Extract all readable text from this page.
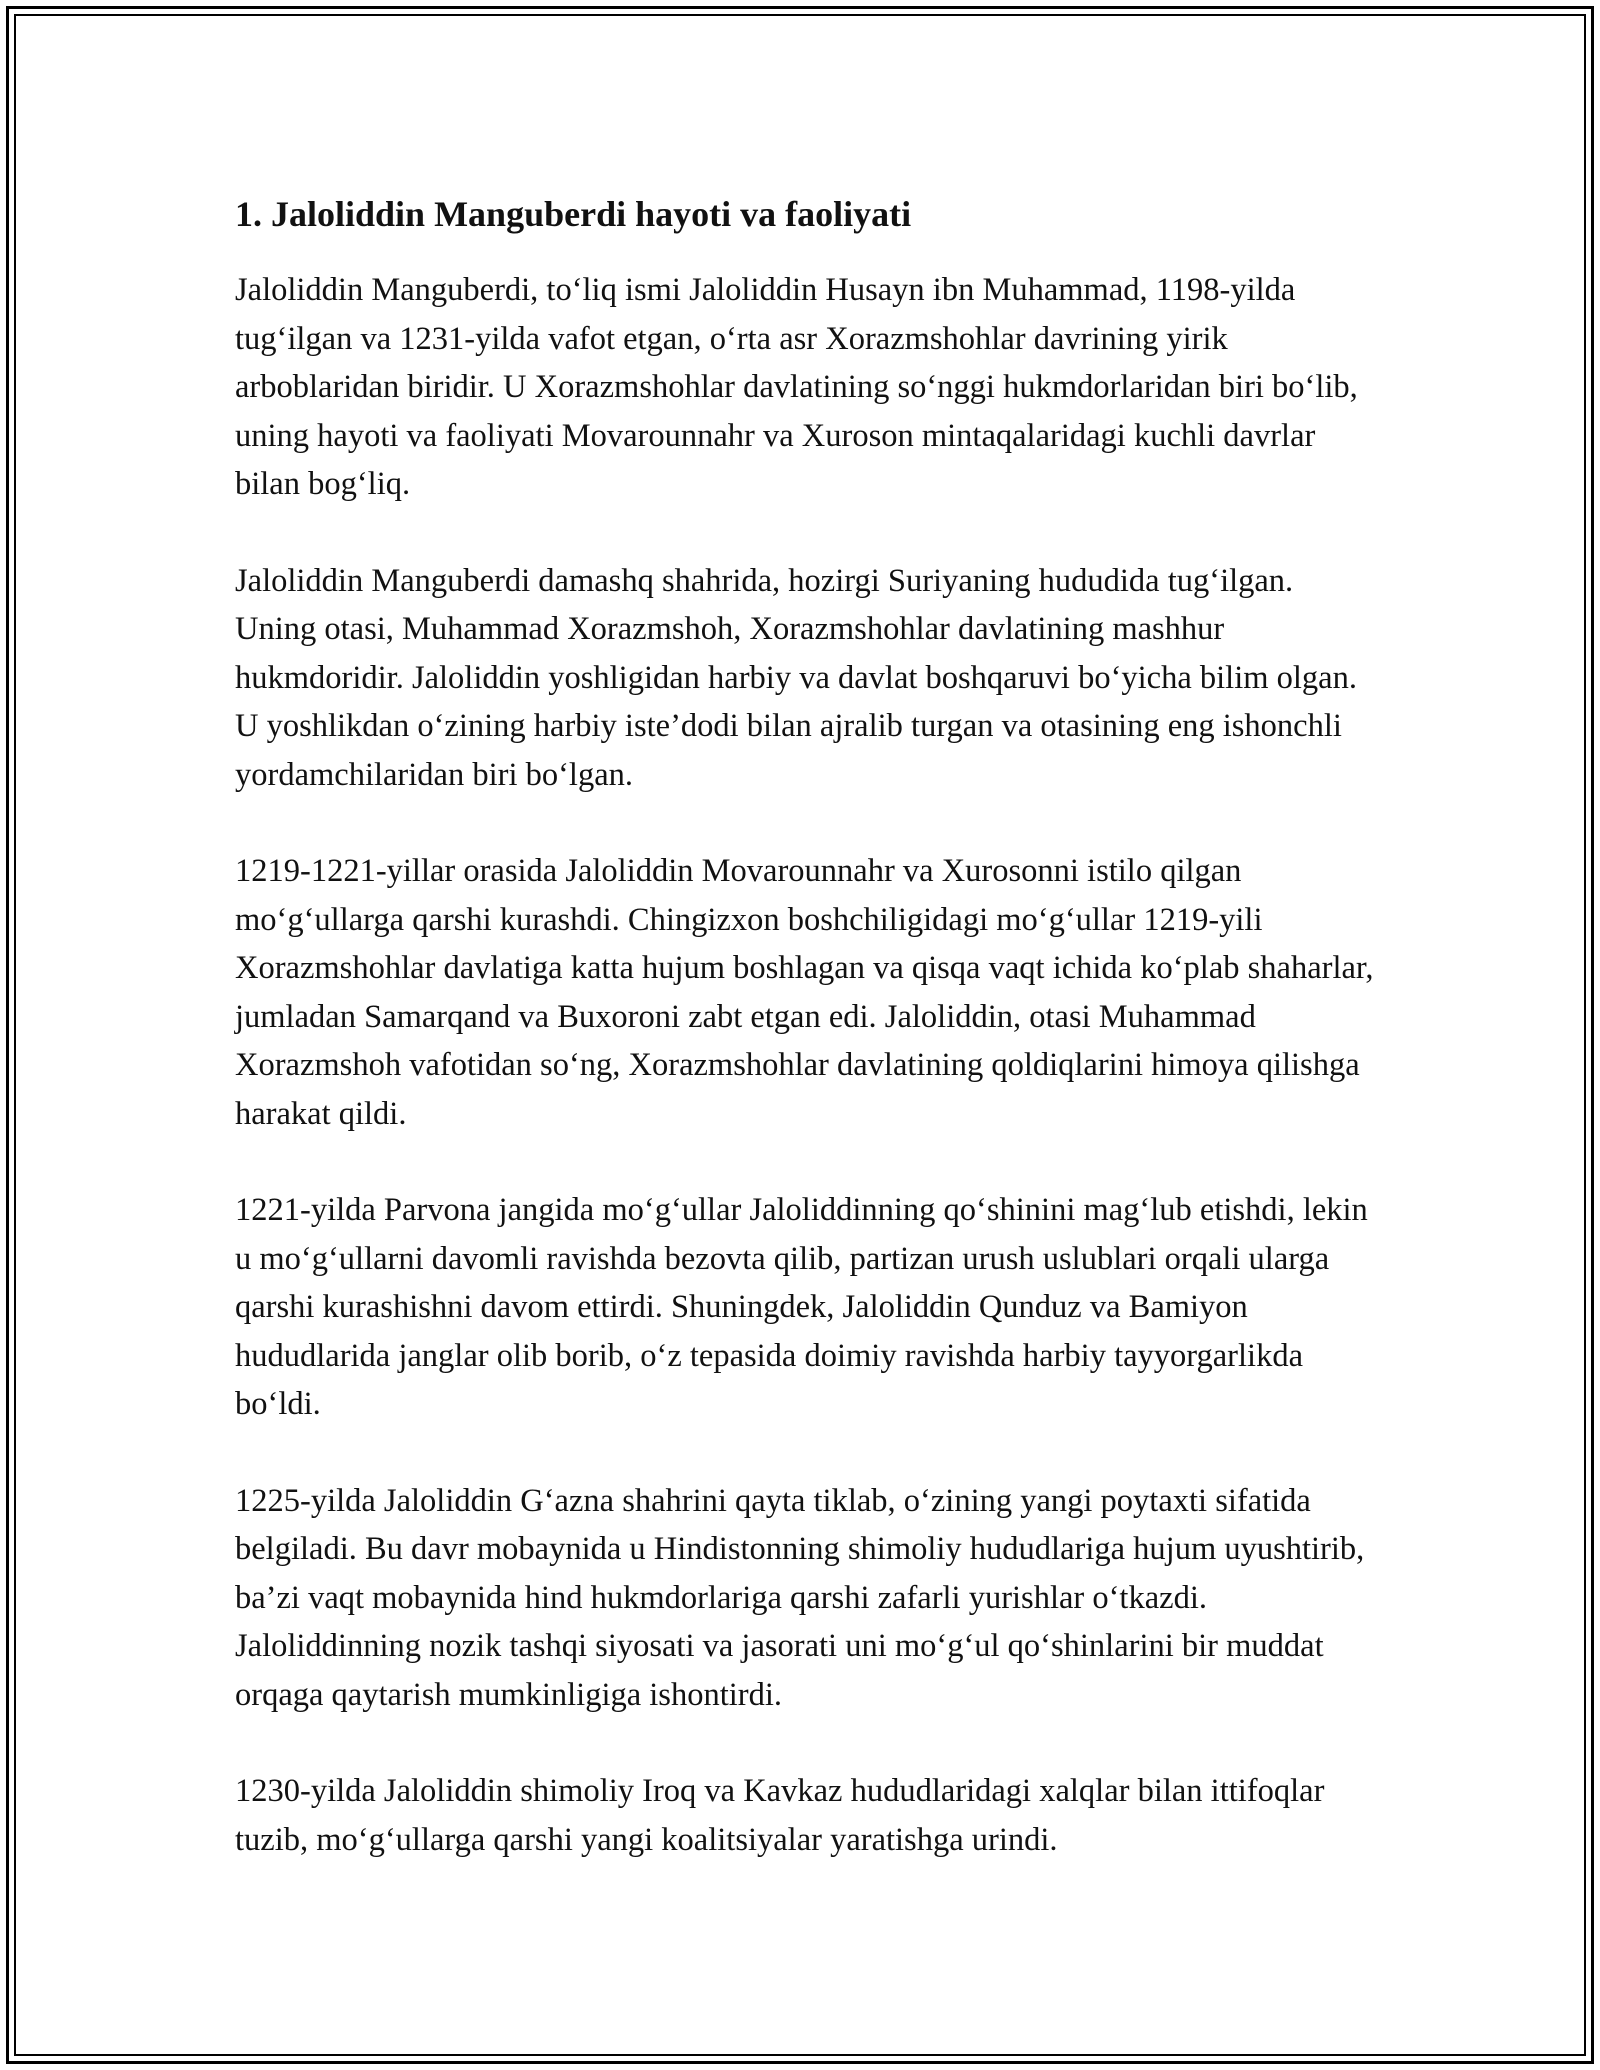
1. Jaloliddin Manguberdi hayoti va faoliyati

Jaloliddin Manguberdi, to‘liq ismi Jaloliddin Husayn ibn Muhammad, 1198-yilda tug‘ilgan va 1231-yilda vafot etgan, o‘rta asr Xorazmshohlar davrining yirik arboblaridan biridir. U Xorazmshohlar davlatining so‘nggi hukmdorlaridan biri bo‘lib, uning hayoti va faoliyati Movarounnahr va Xuroson mintaqalaridagi kuchli davrlar bilan bog‘liq.

Jaloliddin Manguberdi damashq shahrida, hozirgi Suriyaning hududida tug‘ilgan. Uning otasi, Muhammad Xorazmshoh, Xorazmshohlar davlatining mashhur hukmdoridir. Jaloliddin yoshligidan harbiy va davlat boshqaruvi bo‘yicha bilim olgan. U yoshlikdan o‘zining harbiy iste’dodi bilan ajralib turgan va otasining eng ishonchli yordamchilaridan biri bo‘lgan.

1219-1221-yillar orasida Jaloliddin Movarounnahr va Xurosonni istilo qilgan mo‘g‘ullarga qarshi kurashdi. Chingizxon boshchiligidagi mo‘g‘ullar 1219-yili Xorazmshohlar davlatiga katta hujum boshlagan va qisqa vaqt ichida ko‘plab shaharlar, jumladan Samarqand va Buxoroni zabt etgan edi. Jaloliddin, otasi Muhammad Xorazmshoh vafotidan so‘ng, Xorazmshohlar davlatining qoldiqlarini himoya qilishga harakat qildi.

1221-yilda Parvona jangida mo‘g‘ullar Jaloliddinning qo‘shinini mag‘lub etishdi, lekin u mo‘g‘ullarni davomli ravishda bezovta qilib, partizan urush uslublari orqali ularga qarshi kurashishni davom ettirdi. Shuningdek, Jaloliddin Qunduz va Bamiyon hududlarida janglar olib borib, o‘z tepasida doimiy ravishda harbiy tayyorgarlikda bo‘ldi.

1225-yilda Jaloliddin G‘azna shahrini qayta tiklab, o‘zining yangi poytaxti sifatida belgiladi. Bu davr mobaynida u Hindistonning shimoliy hududlariga hujum uyushtirib, ba’zi vaqt mobaynida hind hukmdorlariga qarshi zafarli yurishlar o‘tkazdi. Jaloliddinning nozik tashqi siyosati va jasorati uni mo‘g‘ul qo‘shinlarini bir muddat orqaga qaytarish mumkinligiga ishontirdi.

1230-yilda Jaloliddin shimoliy Iroq va Kavkaz hududlaridagi xalqlar bilan ittifoqlar tuzib, mo‘g‘ullarga qarshi yangi koalitsiyalar yaratishga urindi.
